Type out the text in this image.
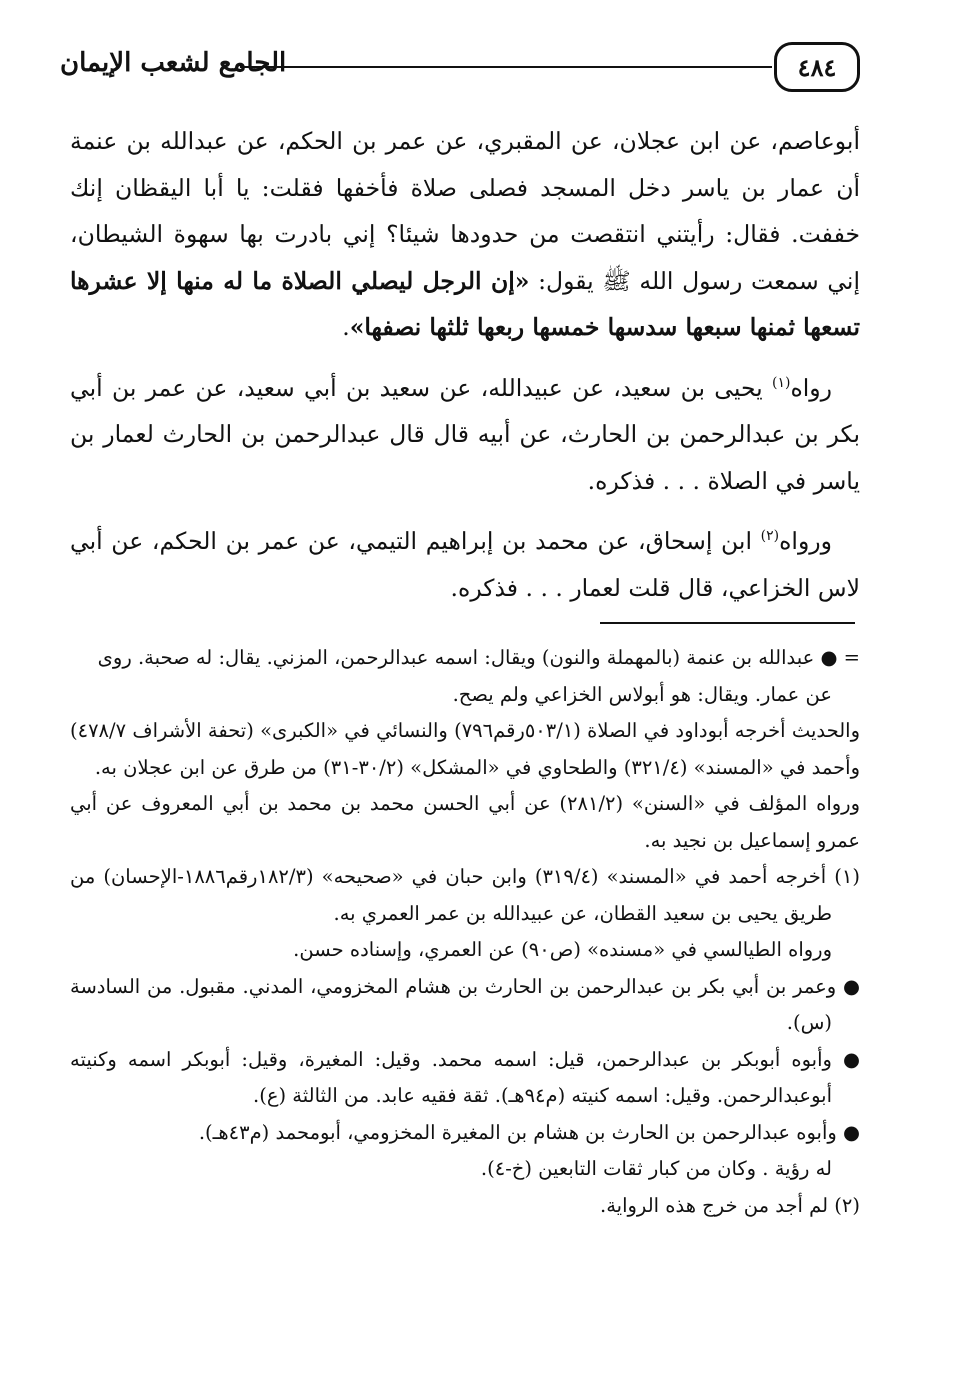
٤٨٤
الجامع لشعب الإيمان

أبوعاصم، عن ابن عجلان، عن المقبري، عن عمر بن الحكم، عن عبدالله بن عنمة أن عمار بن ياسر دخل المسجد فصلى صلاة فأخفها فقلت: يا أبا اليقظان إنك خففت. فقال: رأيتني انتقصت من حدودها شيئا؟ إني بادرت بها سهوة الشيطان، إني سمعت رسول الله ﷺ يقول: «إن الرجل ليصلي الصلاة ما له منها إلا عشرها تسعها ثمنها سبعها سدسها خمسها ربعها ثلثها نصفها».

رواه$^{(١)}$ يحيى بن سعيد، عن عبيدالله، عن سعيد بن أبي سعيد، عن عمر بن أبي بكر بن عبدالرحمن بن الحارث، عن أبيه قال قال عبدالرحمن بن الحارث لعمار بن ياسر في الصلاة . . . فذكره.

ورواه$^{(٢)}$ ابن إسحاق، عن محمد بن إبراهيم التيمي، عن عمر بن الحكم، عن أبي لاس الخزاعي، قال قلت لعمار . . . فذكره.

= ● عبدالله بن عنمة (بالمهملة والنون) ويقال: اسمه عبدالرحمن، المزني. يقال: له صحبة. روى

عن عمار. ويقال: هو أبولاس الخزاعي ولم يصح.

والحديث أخرجه أبوداود في الصلاة (٥٠٣/١رقم٧٩٦) والنسائي في «الكبرى» (تحفة الأشراف ٤٧٨/٧) وأحمد في «المسند» (٣٢١/٤) والطحاوي في «المشكل» (٣٠/٢-٣١) من طرق عن ابن عجلان به.

ورواه المؤلف في «السنن» (٢٨١/٢) عن أبي الحسن محمد بن محمد بن أبي المعروف عن أبي عمرو إسماعيل بن نجيد به.

(١) أخرجه أحمد في «المسند» (٣١٩/٤) وابن حبان في «صحيحه» (١٨٢/٣رقم١٨٨٦-الإحسان) من طريق يحيى بن سعيد القطان، عن عبيدالله بن عمر العمري به.

ورواه الطيالسي في «مسنده» (ص٩٠) عن العمري، وإسناده حسن.

● وعمر بن أبي بكر بن عبدالرحمن بن الحارث بن هشام المخزومي، المدني. مقبول. من السادسة (س).

● وأبوه أبوبكر بن عبدالرحمن، قيل: اسمه محمد. وقيل: المغيرة، وقيل: أبوبكر اسمه وكنيته أبوعبدالرحمن. وقيل: اسمه كنيته (م٩٤هـ). ثقة فقيه عابد. من الثالثة (ع).

● وأبوه عبدالرحمن بن الحارث بن هشام بن المغيرة المخزومي، أبومحمد (م٤٣هـ).

له رؤية . وكان من كبار ثقات التابعين (خ-٤).

(٢) لم أجد من خرج هذه الرواية.
